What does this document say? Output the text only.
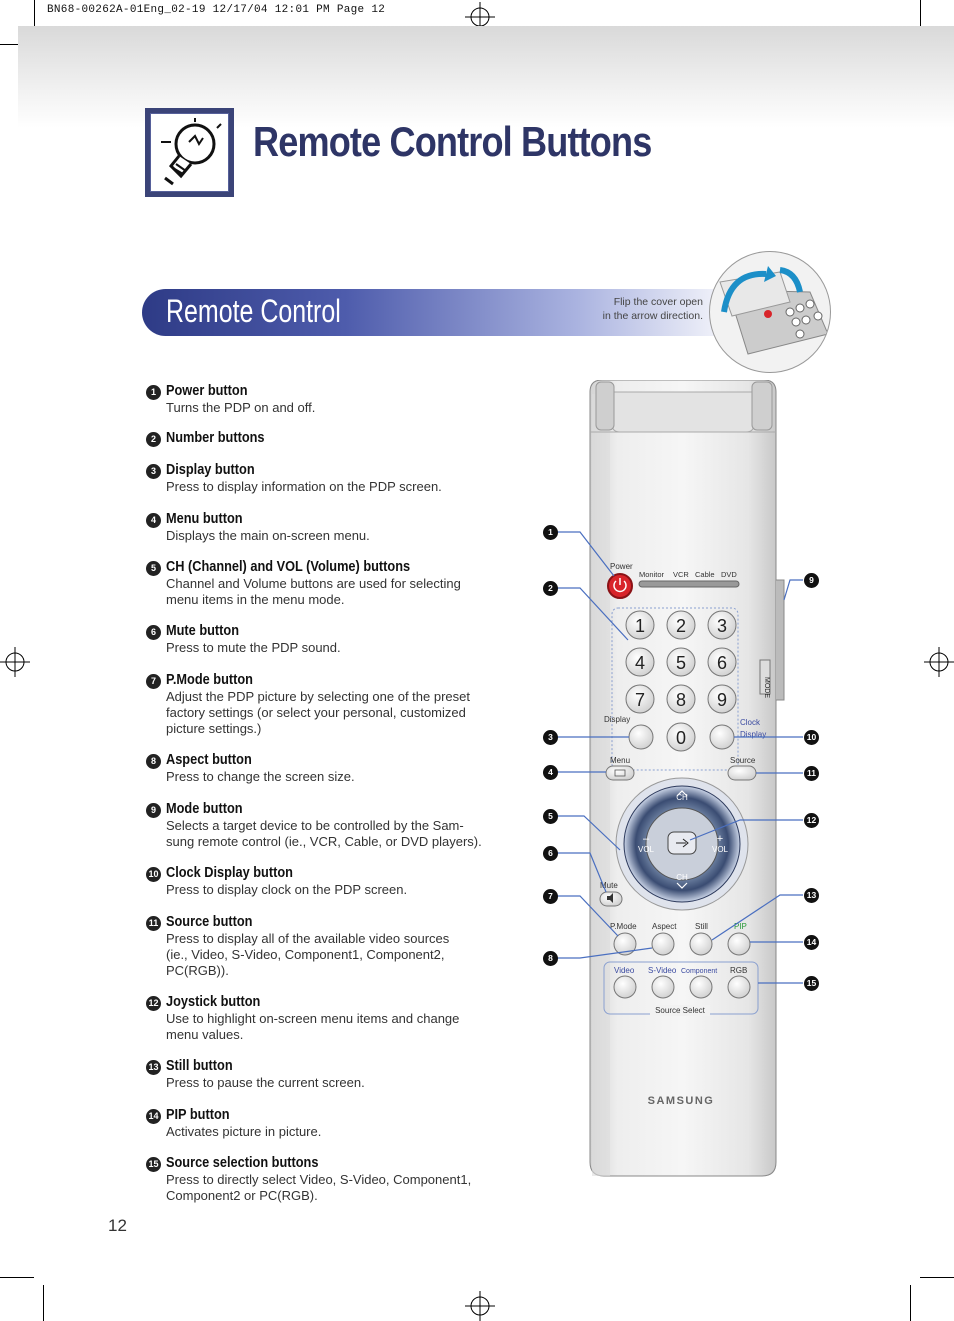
BN68-00262A-01Eng_02-19 12/17/04 12:01 PM Page 12
Remote Control Buttons
Remote Control	Flip the cover open
in the arrow direction.
1 Power button
Turns the PDP on and off.
2 Number buttons
3 Display button
Press to display information on the PDP screen.
4 Menu button
Displays the main on-screen menu.
5 CH (Channel) and VOL (Volume) buttons
Channel and Volume buttons are used for selecting
menu items in the menu mode.
6 Mute button
Press to mute the PDP sound.
7 P.Mode button
Adjust the PDP picture by selecting one of the preset
factory settings (or select your personal, customized
picture settings.)
8 Aspect button
Press to change the screen size.
9 Mode button
Selects a target device to be controlled by the Sam-
sung remote control (ie., VCR, Cable, or DVD players).
10 Clock Display button
Press to display clock on the PDP screen.
11 Source button
Press to display all of the available video sources
(ie., Video, S-Video, Component1, Component2,
PC(RGB)).
12 Joystick button
Use to highlight on-screen menu items and change
menu values.
13 Still button
Press to pause the current screen.
14 PIP button
Activates picture in picture.
15 Source selection buttons
Press to directly select Video, S-Video, Component1,
Component2 or PC(RGB).
12
Power
Monitor VCR Cable DVD
1 2 3
4 5 6
7 8 9
0
MODE
Display	Clock
Display
Menu	Source
CH
CH
VOL	VOL
–	+
Mute
P.Mode Aspect Still	PIP
Video S-Video Component RGB
Source Select
SAMSUNG
1
2
3
4
5
6
7
8
9
10
11
12
13
14
15
